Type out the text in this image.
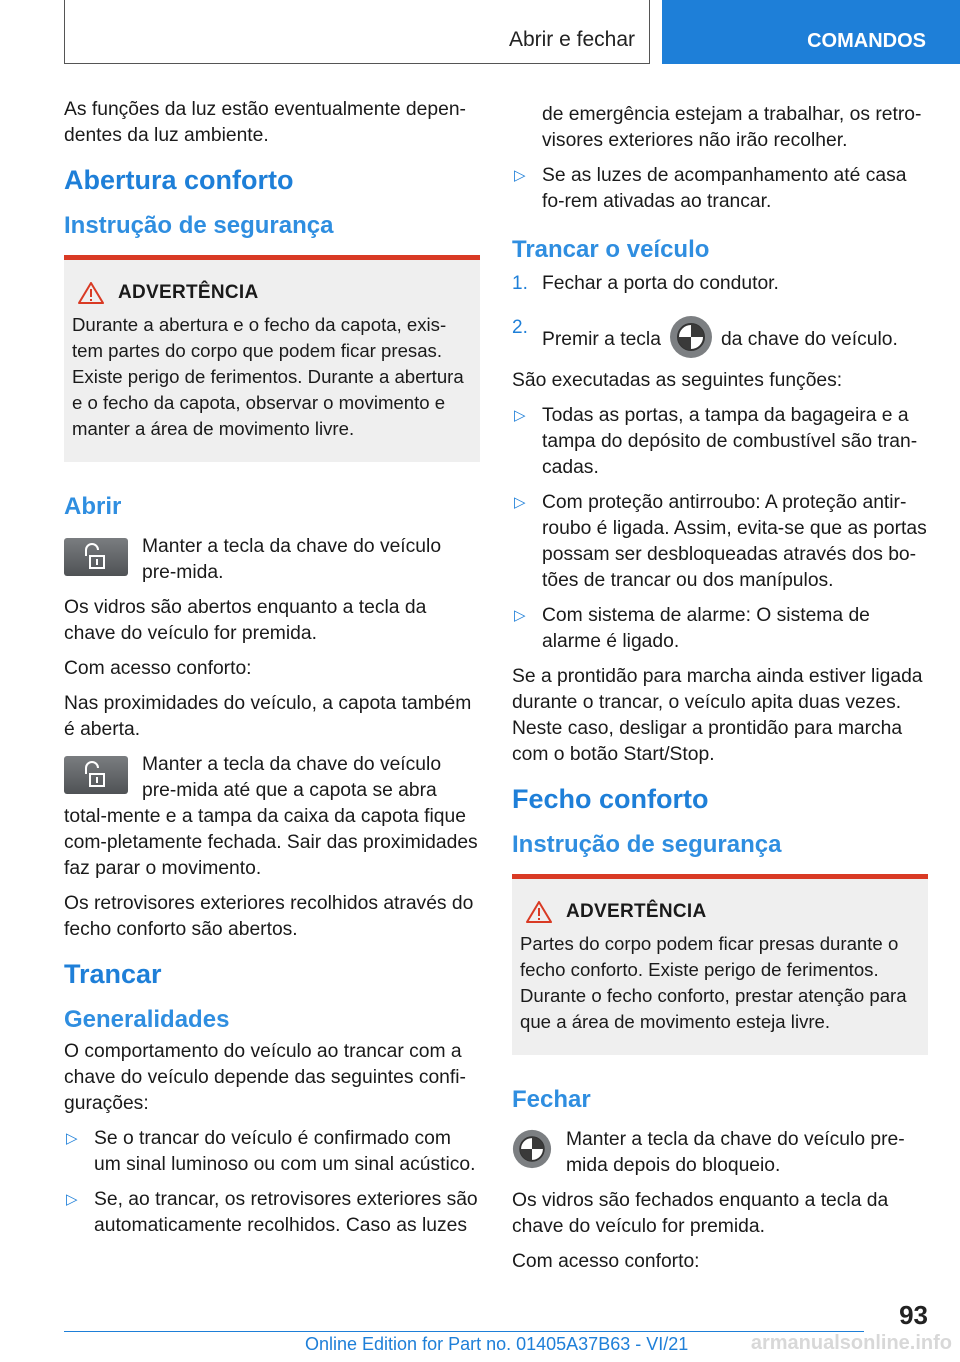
Abrir e fechar	COMANDOS

As funções da luz estão eventualmente depen-dentes da luz ambiente.

Abertura conforto
Instrução de segurança
ADVERTÊNCIA

Durante a abertura e o fecho da capota, exis-tem partes do corpo que podem ficar presas. Existe perigo de ferimentos. Durante a abertura e o fecho da capota, observar o movimento e manter a área de movimento livre.

Abrir

Manter a tecla da chave do veículo pre-mida.

Os vidros são abertos enquanto a tecla da chave do veículo for premida.

Com acesso conforto:

Nas proximidades do veículo, a capota também é aberta.

Manter a tecla da chave do veículo pre-mida até que a capota se abra total-mente e a tampa da caixa da capota fique com-pletamente fechada. Sair das proximidades faz parar o movimento.

Os retrovisores exteriores recolhidos através do fecho conforto são abertos.

Trancar
Generalidades

O comportamento do veículo ao trancar com a chave do veículo depende das seguintes confi-gurações:

▷ Se o trancar do veículo é confirmado com um sinal luminoso ou com um sinal acústico.
▷ Se, ao trancar, os retrovisores exteriores são automaticamente recolhidos. Caso as luzes
de emergência estejam a trabalhar, os retro-visores exteriores não irão recolher.
▷ Se as luzes de acompanhamento até casa fo-rem ativadas ao trancar.
Trancar o veículo
1. Fechar a porta do condutor.
2.
Premir a tecla	da chave do veículo.

São executadas as seguintes funções:

▷ Todas as portas, a tampa da bagageira e a tampa do depósito de combustível são tran-cadas.
▷ Com proteção antirroubo: A proteção antir-roubo é ligada. Assim, evita-se que as portas possam ser desbloqueadas através dos bo-tões de trancar ou dos manípulos.
▷ Com sistema de alarme: O sistema de alarme é ligado.

Se a prontidão para marcha ainda estiver ligada durante o trancar, o veículo apita duas vezes. Neste caso, desligar a prontidão para marcha com o botão Start/Stop.

Fecho conforto
Instrução de segurança
ADVERTÊNCIA

Partes do corpo podem ficar presas durante o fecho conforto. Existe perigo de ferimentos. Durante o fecho conforto, prestar atenção para que a área de movimento esteja livre.

Fechar

Manter a tecla da chave do veículo pre-mida depois do bloqueio.

Os vidros são fechados enquanto a tecla da chave do veículo for premida.

Com acesso conforto:

93
Online Edition for Part no. 01405A37B63 - VI/21	armanualsonline.info
